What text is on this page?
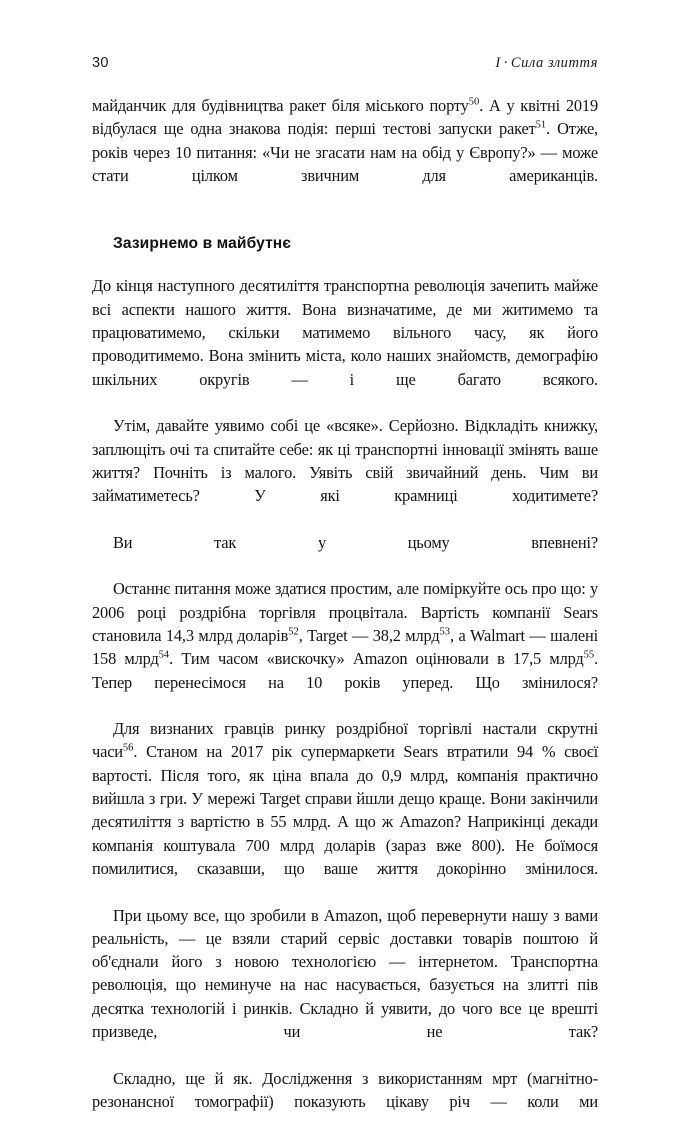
30	I · Сила злиття

майданчик для будівництва ракет біля міського порту$^{50}$. А у квітні 2019 відбулася ще одна знакова подія: перші тестові запуски ракет$^{51}$. Отже, років через 10 питання: «Чи не згасати нам на обід у Європу?» — може стати цілком звичним для американців.

Зазирнемо в майбутнє

До кінця наступного десятиліття транспортна революція зачепить майже всі аспекти нашого життя. Вона визначатиме, де ми житимемо та працюватимемо, скільки матимемо вільного часу, як його проводитимемо. Вона змінить міста, коло наших знайомств, демографію шкільних округів — і ще багато всякого.

Утім, давайте уявимо собі це «всяке». Серйозно. Відкладіть книжку, заплющіть очі та спитайте себе: як ці транспортні інновації змінять ваше життя? Почніть із малого. Уявіть свій звичайний день. Чим ви займатиметесь? У які крамниці ходитимете?

Ви так у цьому впевнені?

Останнє питання може здатися простим, але поміркуйте ось про що: у 2006 році роздрібна торгівля процвітала. Вартість компанії Sears становила 14,3 млрд доларів$^{52}$, Target — 38,2 млрд$^{53}$, а Walmart — шалені 158 млрд$^{54}$. Тим часом «вискочку» Amazon оцінювали в 17,5 млрд$^{55}$. Тепер перенесімося на 10 років уперед. Що змінилося?

Для визнаних гравців ринку роздрібної торгівлі настали скрутні часи$^{56}$. Станом на 2017 рік супермаркети Sears втратили 94 % своєї вартості. Після того, як ціна впала до 0,9 млрд, компанія практично вийшла з гри. У мережі Target справи йшли дещо краще. Вони закінчили десятиліття з вартістю в 55 млрд. А що ж Amazon? Наприкінці декади компанія коштувала 700 млрд доларів (зараз вже 800). Не боїмося помилитися, сказавши, що ваше життя докорінно змінилося.

При цьому все, що зробили в Amazon, щоб перевернути нашу з вами реальність, — це взяли старий сервіс доставки товарів поштою й об'єднали його з новою технологією — інтернетом. Транспортна революція, що неминуче на нас насувається, базується на злитті пів десятка технологій і ринків. Складно й уявити, до чого все це врешті призведе, чи не так?

Складно, ще й як. Дослідження з використанням мрт (магнітно-резонансної томографії) показують цікаву річ — коли ми
